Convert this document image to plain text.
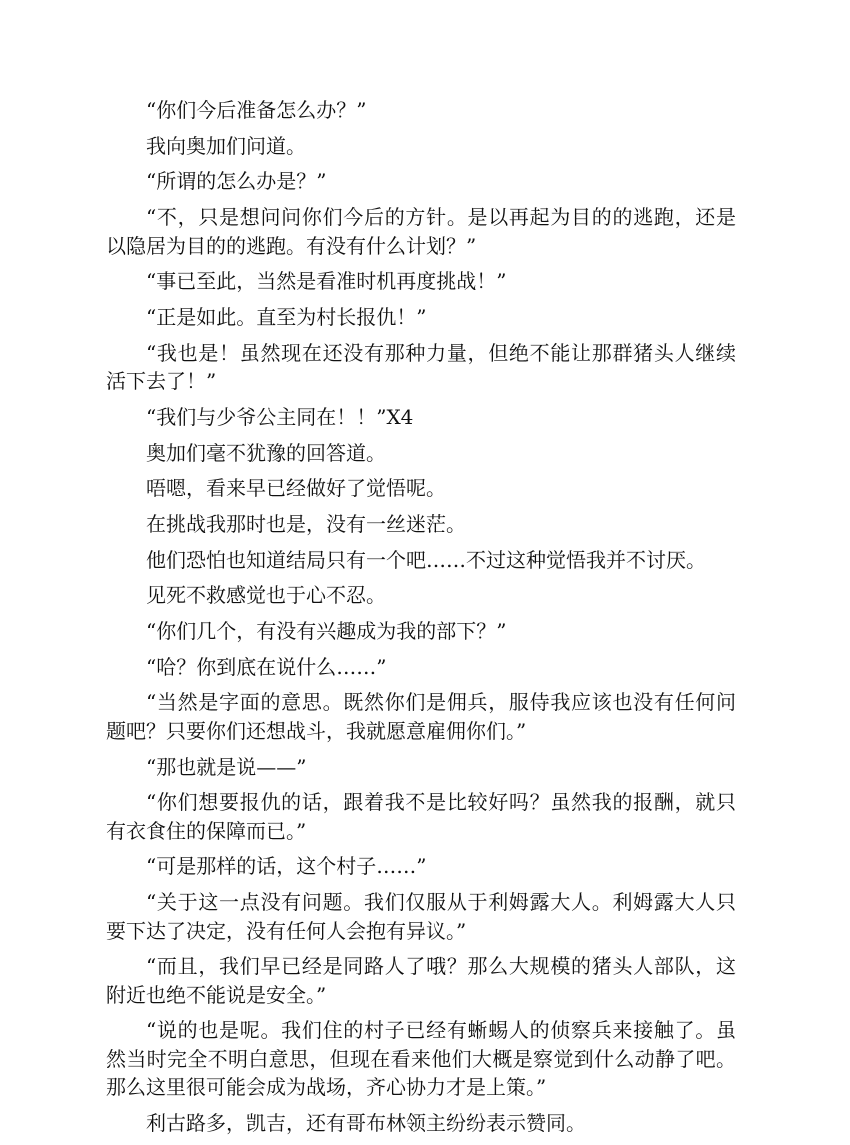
“你们今后准备怎么办？”

我向奥加们问道。

“所谓的怎么办是？”

“不，只是想问问你们今后的方针。是以再起为目的的逃跑，还是以隐居为目的的逃跑。有没有什么计划？”

“事已至此，当然是看准时机再度挑战！”

“正是如此。直至为村长报仇！”

“我也是！虽然现在还没有那种力量，但绝不能让那群猪头人继续活下去了！”

“我们与少爷公主同在！！”X4

奥加们毫不犹豫的回答道。

唔嗯，看来早已经做好了觉悟呢。

在挑战我那时也是，没有一丝迷茫。

他们恐怕也知道结局只有一个吧……不过这种觉悟我并不讨厌。

见死不救感觉也于心不忍。

“你们几个，有没有兴趣成为我的部下？”

“哈？你到底在说什么……”

“当然是字面的意思。既然你们是佣兵，服侍我应该也没有任何问题吧？只要你们还想战斗，我就愿意雇佣你们。”

“那也就是说——”

“你们想要报仇的话，跟着我不是比较好吗？虽然我的报酬，就只有衣食住的保障而已。”

“可是那样的话，这个村子……”

“关于这一点没有问题。我们仅服从于利姆露大人。利姆露大人只要下达了决定，没有任何人会抱有异议。”

“而且，我们早已经是同路人了哦？那么大规模的猪头人部队，这附近也绝不能说是安全。”

“说的也是呢。我们住的村子已经有蜥蜴人的侦察兵来接触了。虽然当时完全不明白意思，但现在看来他们大概是察觉到什么动静了吧。那么这里很可能会成为战场，齐心协力才是上策。”

利古路多，凯吉，还有哥布林领主纷纷表示赞同。
